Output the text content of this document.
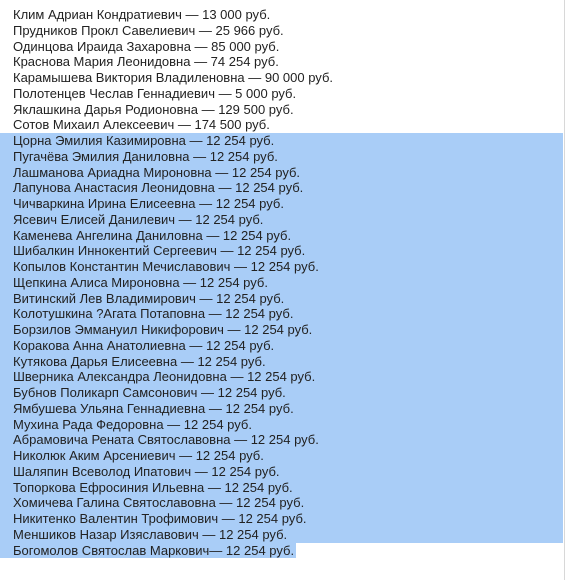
Клим Адриан Кондратиевич — 13 000 руб.
Прудников Прокл Савелиевич — 25 966 руб.
Одинцова Ираида Захаровна — 85 000 руб.
Краснова Мария Леонидовна — 74 254 руб.
Карамышева Виктория Владиленовна — 90 000 руб.
Полотенцев Чеслав Геннадиевич — 5 000 руб.
Яклашкина Дарья Родионовна — 129 500 руб.
Сотов Михаил Алексеевич — 174 500 руб.
Цорна Эмилия Казимировна — 12 254 руб.
Пугачёва Эмилия Даниловна — 12 254 руб.
Лашманова Ариадна Мироновна — 12 254 руб.
Лапунова Анастасия Леонидовна — 12 254 руб.
Чичваркина Ирина Елисеевна — 12 254 руб.
Ясевич Елисей Данилевич — 12 254 руб.
Каменева Ангелина Даниловна — 12 254 руб.
Шибалкин Иннокентий Сергеевич — 12 254 руб.
Копылов Константин Мечиславович — 12 254 руб.
Щепкина Алиса Мироновна — 12 254 руб.
Витинский Лев Владимирович — 12 254 руб.
Колотушкина ?Агата Потаповна — 12 254 руб.
Борзилов Эммануил Никифорович — 12 254 руб.
Коракова Анна Анатолиевна — 12 254 руб.
Кутякова Дарья Елисеевна — 12 254 руб.
Шверника Александра Леонидовна — 12 254 руб.
Бубнов Поликарп Самсонович — 12 254 руб.
Ямбушева Ульяна Геннадиевна — 12 254 руб.
Мухина Рада Федоровна — 12 254 руб.
Абрамовича Рената Святославовна — 12 254 руб.
Николюк Аким Арсениевич — 12 254 руб.
Шаляпин Всеволод Ипатович — 12 254 руб.
Топоркова Ефросиния Ильевна — 12 254 руб.
Хомичева Галина Святославовна — 12 254 руб.
Никитенко Валентин Трофимович — 12 254 руб.
Меншиков Назар Изяславович — 12 254 руб.
Богомолов Святослав Маркович— 12 254 руб.
